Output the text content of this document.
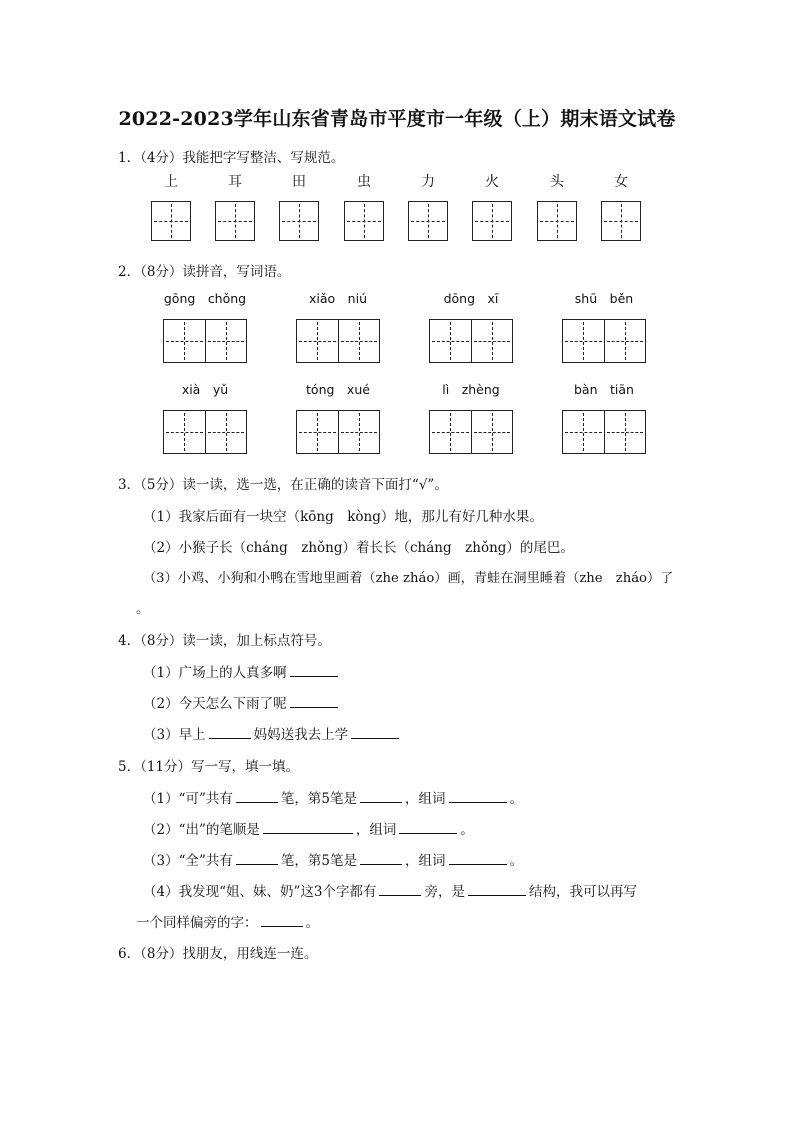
2022-2023学年山东省青岛市平度市一年级（上）期末语文试卷
1．（4分）我能把字写整洁、写规范。
上	耳	田	虫	力	火	头	女
2．（8分）读拼音，写词语。
gōng　chǒng	xiǎo　niú	dōng　xī	shū　běn
xià　yǔ	tóng　xué	lì　zhèng	bàn　tiān
3．（5分）读一读，选一选，在正确的读音下面打“√”。
（1）我家后面有一块空（kōng　kòng）地，那儿有好几种水果。
（2）小猴子长（cháng　zhǒng）着长长（cháng　zhǒng）的尾巴。
（3）小鸡、小狗和小鸭在雪地里画着（zhe zháo）画，青蛙在洞里睡着（zhe　zháo）了
。
4．（8分）读一读，加上标点符号。
（1）广场上的人真多啊
（2）今天怎么下雨了呢
（3）早上	妈妈送我去上学
5．（11分）写一写，填一填。
（1）“可”共有	笔，第5笔是	，组词	。
（2）“出”的笔顺是	，组词	。
（3）“全”共有	笔，第5笔是	，组词	。
（4）我发现“姐、妹、奶”这3个字都有	旁，是	结构，我可以再写
一个同样偏旁的字：	。
6．（8分）找朋友，用线连一连。
